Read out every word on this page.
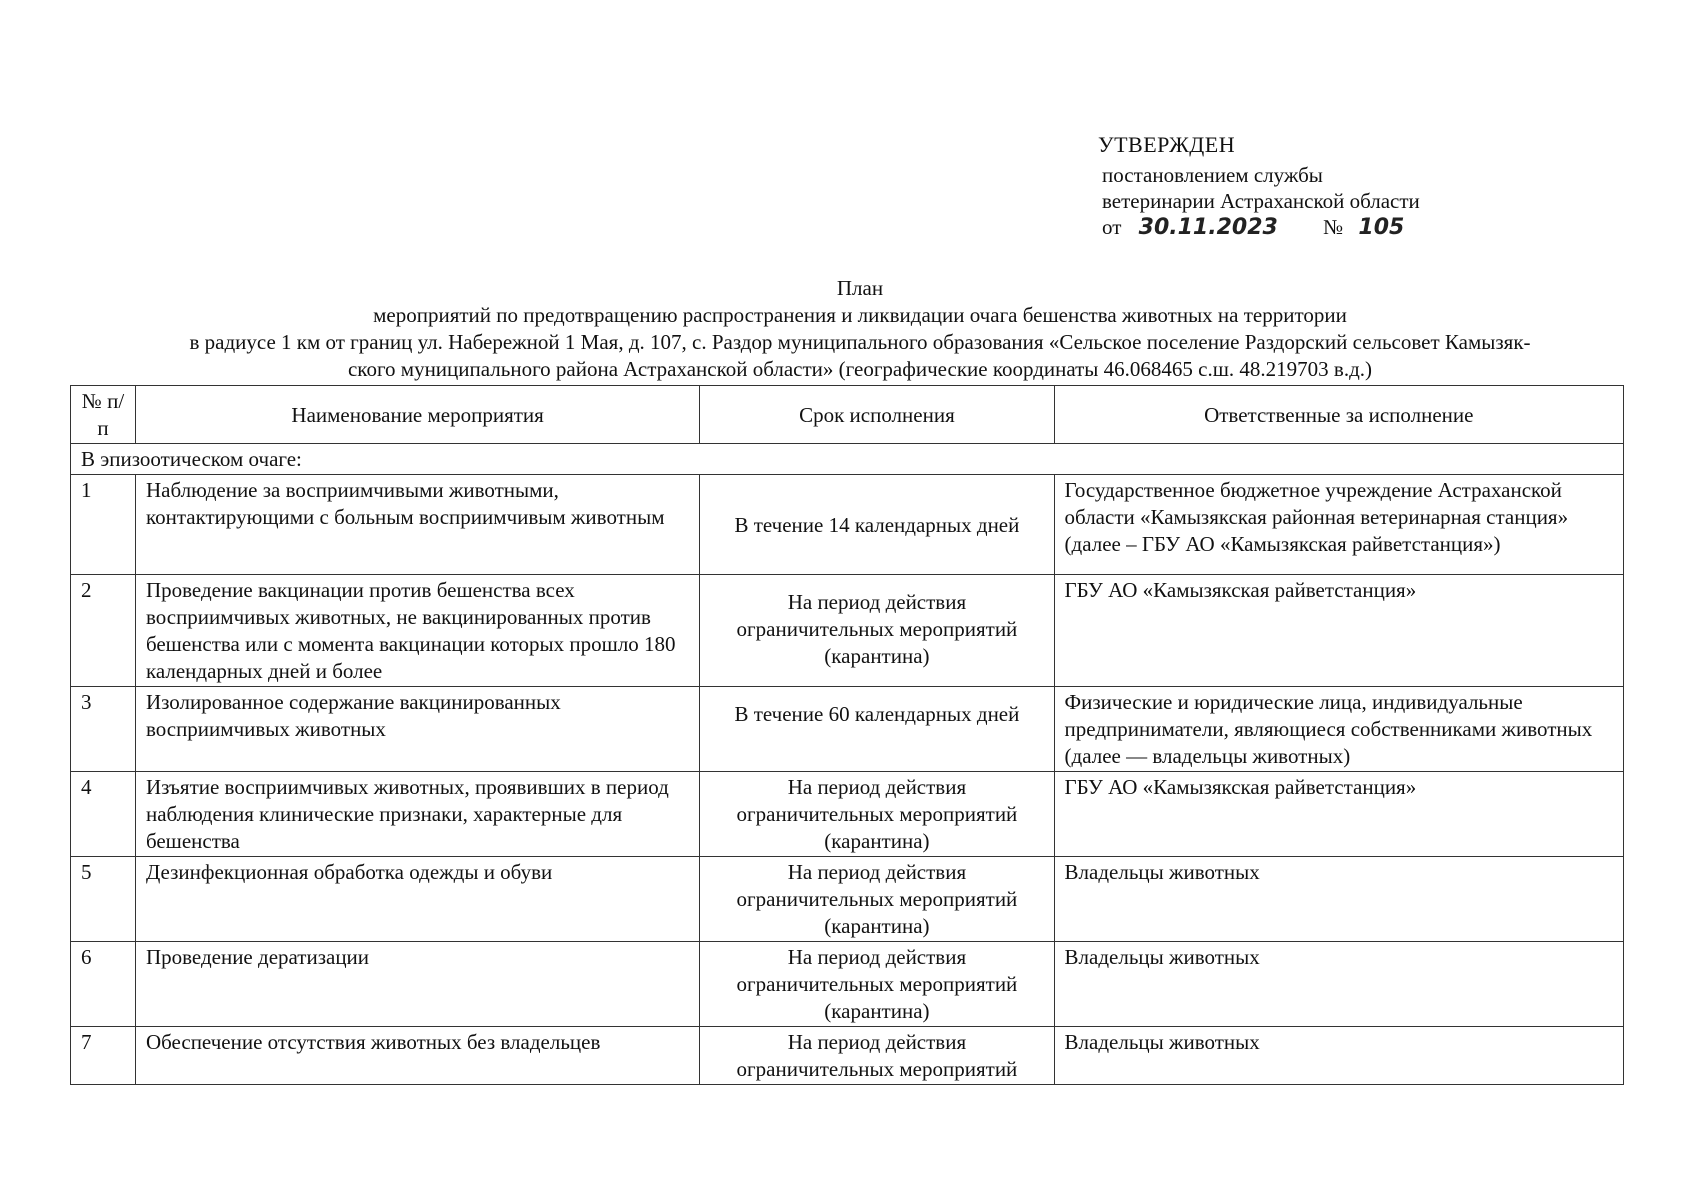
УТВЕРЖДЕН
постановлением службы
ветеринарии Астраханской области
от 30.11.2023 № 105
План
мероприятий по предотвращению распространения и ликвидации очага бешенства животных на территории
в радиусе 1 км от границ ул. Набережной 1 Мая, д. 107, с. Раздор муниципального образования «Сельское поселение Раздорский сельсовет Камызяк-
ского муниципального района Астраханской области» (географические координаты 46.068465 с.ш. 48.219703 в.д.)
№ п/п	Наименование мероприятия	Срок исполнения	Ответственные за исполнение
В эпизоотическом очаге:			
1	Наблюдение за восприимчивыми животными, контактирующими с больным восприимчивым животным	В течение 14 календарных дней	Государственное бюджетное учреждение Астраханской области «Камызякская районная ветеринарная станция» (далее – ГБУ АО «Камызякская райветстанция»)
2	Проведение вакцинации против бешенства всех восприимчивых животных, не вакцинированных против бешенства или с момента вакцинации которых прошло 180 календарных дней и более	На период действия ограничительных мероприятий (карантина)	ГБУ АО «Камызякская райветстанция»
3	Изолированное содержание вакцинированных восприимчивых животных	В течение 60 календарных дней	Физические и юридические лица, индивидуальные предприниматели, являющиеся собственниками животных (далее — владельцы животных)
4	Изъятие восприимчивых животных, проявивших в период наблюдения клинические признаки, характерные для бешенства	На период действия ограничительных мероприятий (карантина)	ГБУ АО «Камызякская райветстанция»
5	Дезинфекционная обработка одежды и обуви	На период действия ограничительных мероприятий (карантина)	Владельцы животных
6	Проведение дератизации	На период действия ограничительных мероприятий (карантина)	Владельцы животных
7	Обеспечение отсутствия животных без владельцев	На период действия ограничительных мероприятий	Владельцы животных
